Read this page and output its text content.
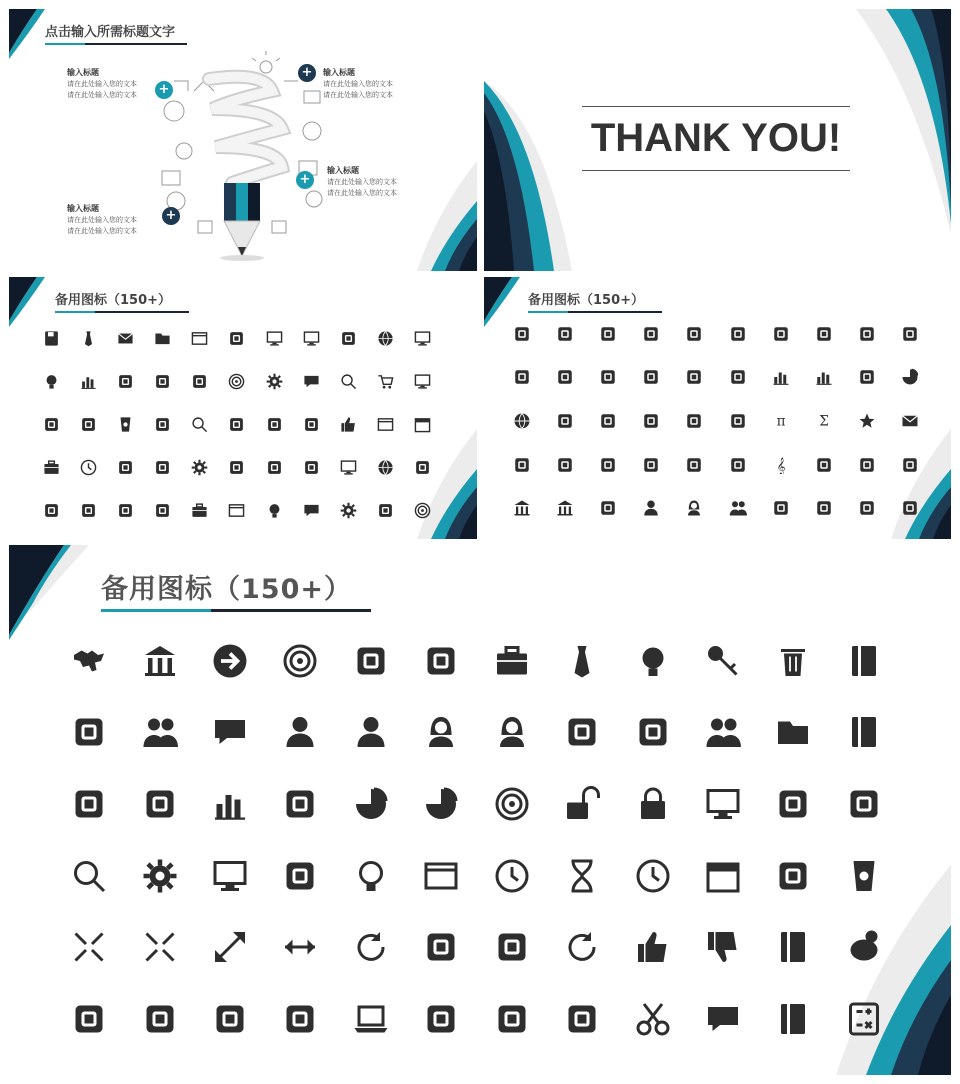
点击输入所需标题文字
+
输入标题
请在此处输入您的文本
请在此处输入您的文本
+	输入标题
请在此处输入您的文本
请在此处输入您的文本
+
输入标题
请在此处输入您的文本
请在此处输入您的文本
+
输入标题
请在此处输入您的文本
请在此处输入您的文本
THANK YOU!
备用图标（150+）	备用图标（150+）
π Σ
𝄞
备用图标（150+）
